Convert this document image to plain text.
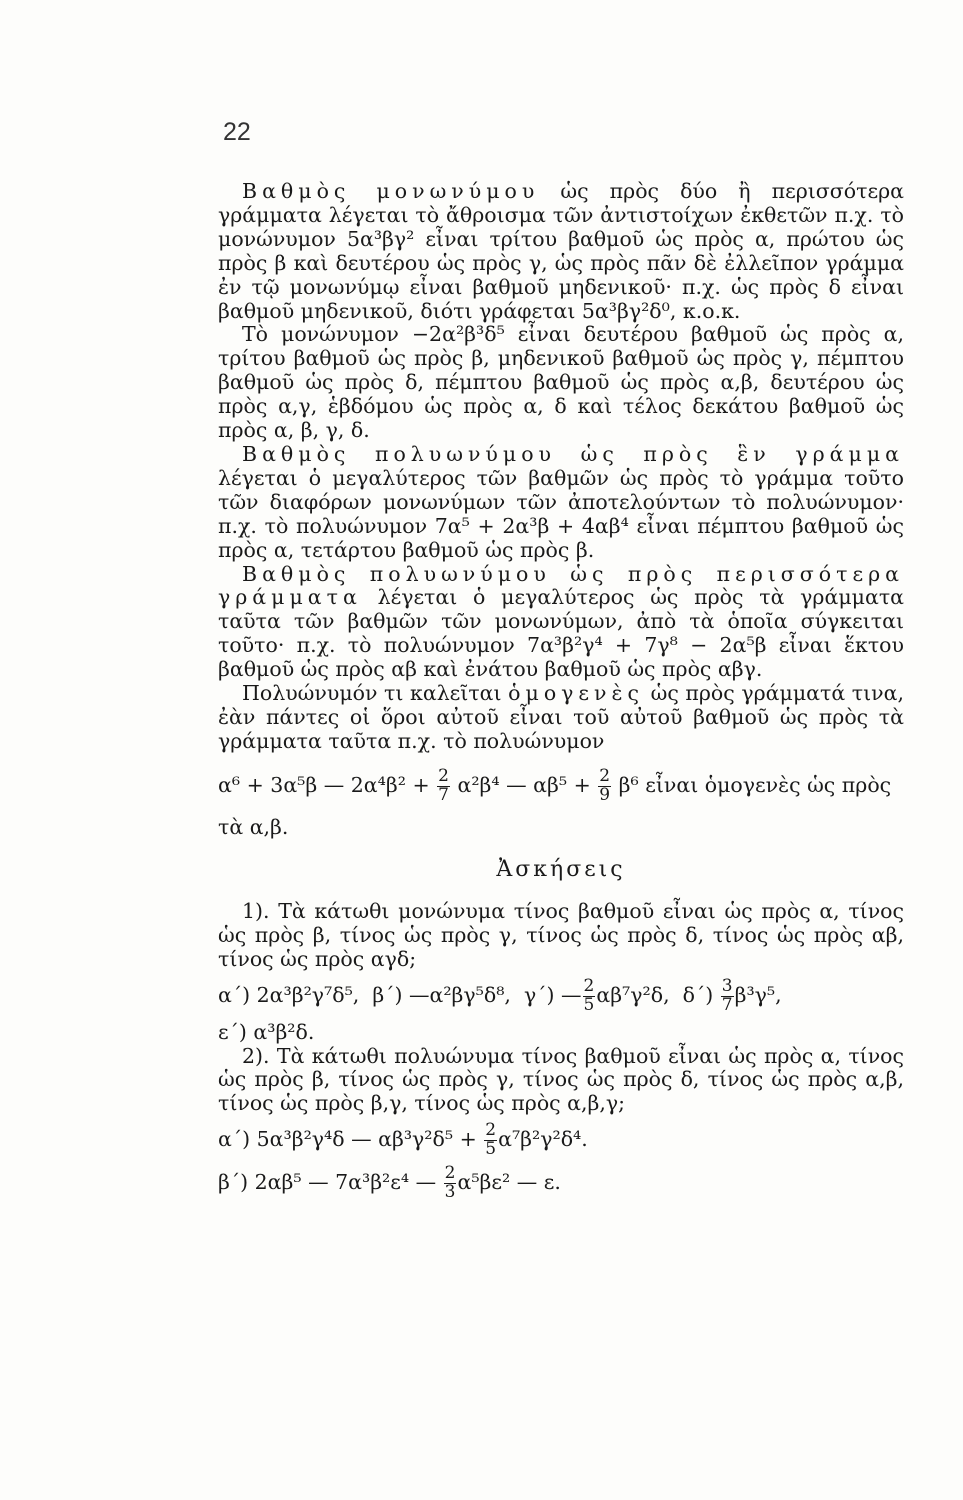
22

Βαθμὸς μονωνύμου ὡς πρὸς δύο ἢ περισσότερα γράμματα λέγεται τὸ ἄθροισμα τῶν ἀντιστοίχων ἐκθετῶν π.χ. τὸ μονώνυμον 5α³βγ² εἶναι τρίτου βαθμοῦ ὡς πρὸς α, πρώτου ὡς πρὸς β καὶ δευτέρου ὡς πρὸς γ, ὡς πρὸς πᾶν δὲ ἐλλεῖπον γράμμα ἐν τῷ μονωνύμῳ εἶναι βαθμοῦ μηδενικοῦ· π.χ. ὡς πρὸς δ εἶναι βαθμοῦ μηδενικοῦ, διότι γράφεται 5α³βγ²δ⁰, κ.ο.κ.

Τὸ μονώνυμον −2α²β³δ⁵ εἶναι δευτέρου βαθμοῦ ὡς πρὸς α, τρίτου βαθμοῦ ὡς πρὸς β, μηδενικοῦ βαθμοῦ ὡς πρὸς γ, πέμπτου βαθμοῦ ὡς πρὸς δ, πέμπτου βαθμοῦ ὡς πρὸς α,β, δευτέρου ὡς πρὸς α,γ, ἑβδόμου ὡς πρὸς α, δ καὶ τέλος δεκάτου βαθμοῦ ὡς πρὸς α, β, γ, δ.

Βαθμὸς πολυωνύμου ὡς πρὸς ἓν γράμμα λέγεται ὁ μεγαλύτερος τῶν βαθμῶν ὡς πρὸς τὸ γράμμα τοῦτο τῶν διαφόρων μονωνύμων τῶν ἀποτελούντων τὸ πολυώνυμον· π.χ. τὸ πολυώνυμον 7α⁵ + 2α³β + 4αβ⁴ εἶναι πέμπτου βαθμοῦ ὡς πρὸς α, τετάρτου βαθμοῦ ὡς πρὸς β.

Βαθμὸς πολυωνύμου ὡς πρὸς περισσότερα γράμματα λέγεται ὁ μεγαλύτερος ὡς πρὸς τὰ γράμματα ταῦτα τῶν βαθμῶν τῶν μονωνύμων, ἀπὸ τὰ ὁποῖα σύγκειται τοῦτο· π.χ. τὸ πολυώνυμον 7α³β²γ⁴ + 7γ⁸ − 2α⁵β εἶναι ἕκτου βαθμοῦ ὡς πρὸς αβ καὶ ἐνάτου βαθμοῦ ὡς πρὸς αβγ.

Πολυώνυμόν τι καλεῖται ὁμογενὲς ὡς πρὸς γράμματά τινα, ἐὰν πάντες οἱ ὅροι αὐτοῦ εἶναι τοῦ αὐτοῦ βαθμοῦ ὡς πρὸς τὰ γράμματα ταῦτα π.χ. τὸ πολυώνυμον

α⁶ + 3α⁵β — $2\alpha^4\beta^2 + \frac{2}{7} \alpha^2\beta^4$ — $\alpha\beta^5 + \frac{2}{9} \beta^6$ εἶναι ὁμογενὲς ὡς πρὸς

τὰ α,β.

Ἀσκήσεις

1). Τὰ κάτωθι μονώνυμα τίνος βαθμοῦ εἶναι ὡς πρὸς α, τίνος ὡς πρὸς β, τίνος ὡς πρὸς γ, τίνος ὡς πρὸς δ, τίνος ὡς πρὸς αβ, τίνος ὡς πρὸς αγδ;

α΄) 2α³β²γ⁷δ⁵, β΄) —α²βγ⁵δ⁸, γ΄) — $\frac{2}{5} \alpha\beta^7\gamma^2\delta$, $\delta΄) \frac{3}{7} \beta^3\gamma^5$,

ε΄) α³β²δ.

2). Τὰ κάτωθι πολυώνυμα τίνος βαθμοῦ εἶναι ὡς πρὸς α, τίνος ὡς πρὸς β, τίνος ὡς πρὸς γ, τίνος ὡς πρὸς δ, τίνος ὡς πρὸς α,β, τίνος ὡς πρὸς β,γ, τίνος ὡς πρὸς α,β,γ;

α΄) 5α³β²γ⁴δ — $\alpha\beta^3\gamma^2\delta^5 + \frac{2}{5} \alpha^7\beta^2\gamma^2\delta^4$.
β΄) 2αβ⁵ — 7α³β²ε⁴ — $\frac{2}{3} \alpha^5\beta\varepsilon^2$ — ε.
